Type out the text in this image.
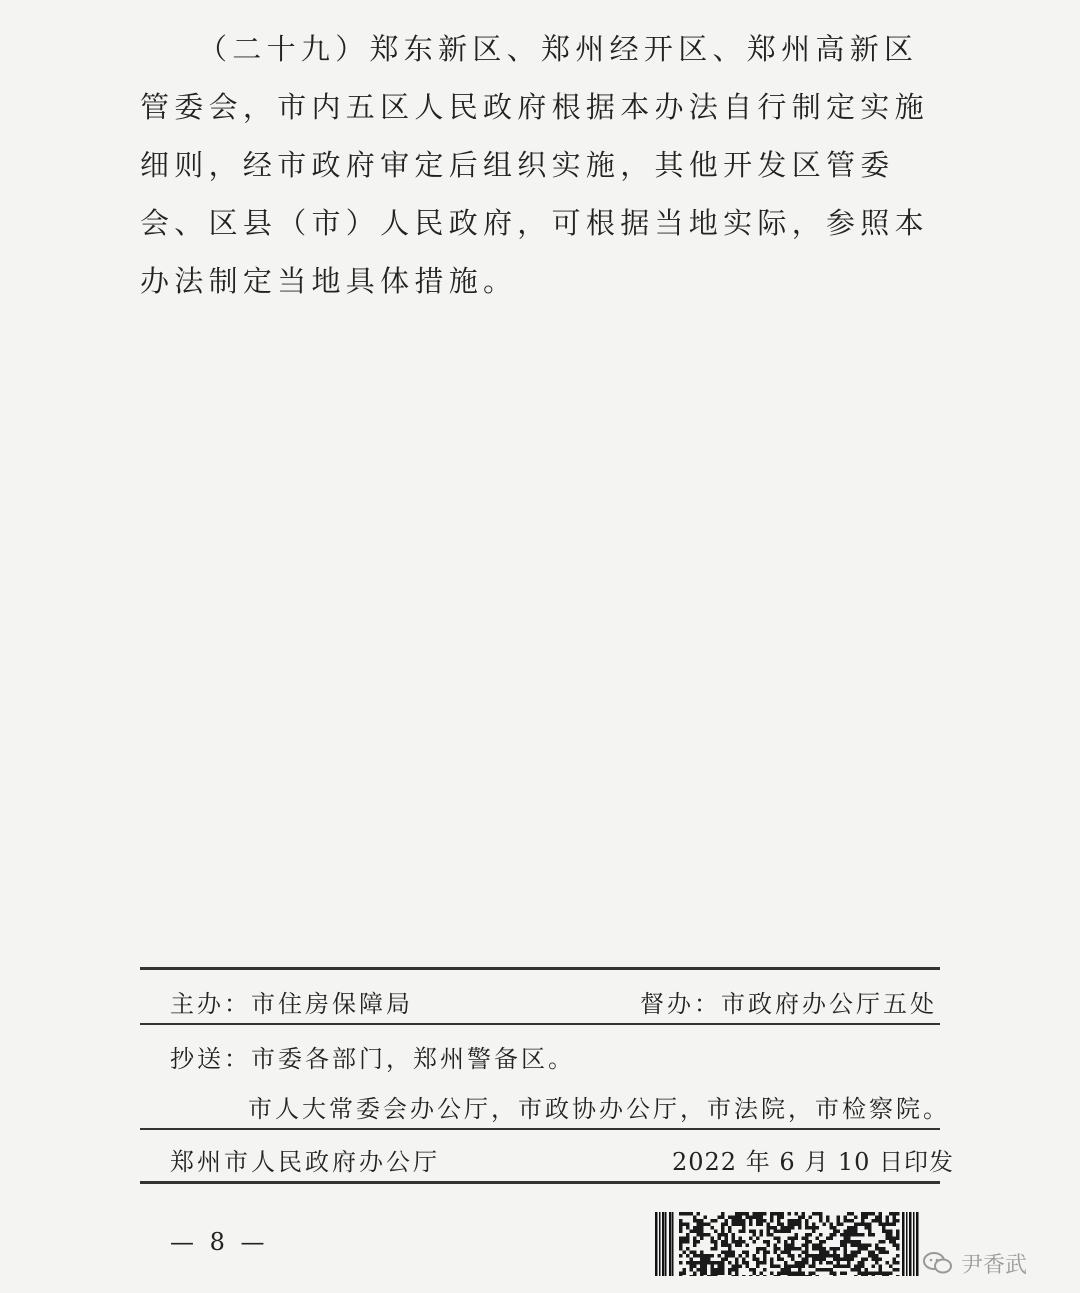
（二十九）郑东新区、郑州经开区、郑州高新区管委会，市内五区人民政府根据本办法自行制定实施细则，经市政府审定后组织实施，其他开发区管委会、区县（市）人民政府，可根据当地实际，参照本办法制定当地具体措施。

主办：市住房保障局	督办：市政府办公厅五处
抄送：市委各部门，郑州警备区。
市人大常委会办公厅，市政协办公厅，市法院，市检察院。
郑州市人民政府办公厅	2022 年 6 月 10 日印发
— 8 —
尹香武
